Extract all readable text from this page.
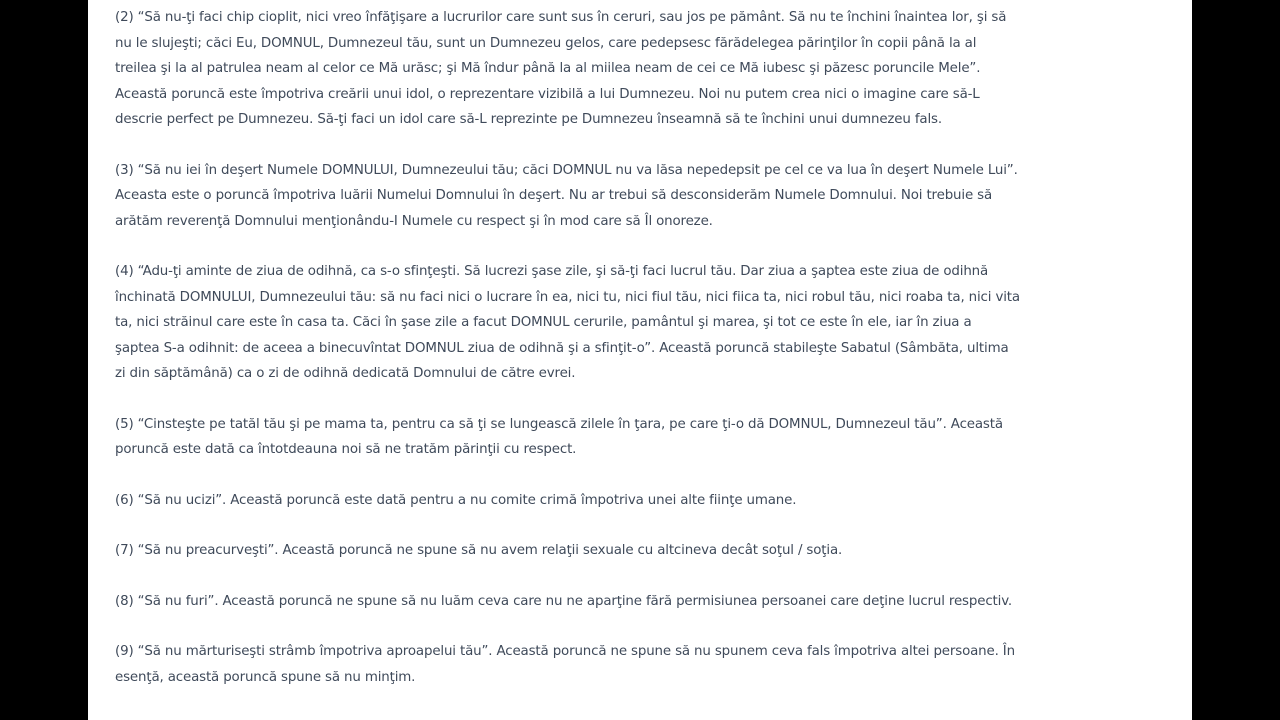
(2) “Să nu-ţi faci chip cioplit, nici vreo înfăţişare a lucrurilor care sunt sus în ceruri, sau jos pe pământ. Să nu te închini înaintea lor, şi să nu le slujeşti; căci Eu, DOMNUL, Dumnezeul tău, sunt un Dumnezeu gelos, care pedepsesc fărădelegea părinţilor în copii până la al treilea şi la al patrulea neam al celor ce Mă urăsc; şi Mă îndur până la al miilea neam de cei ce Mă iubesc şi păzesc poruncile Mele”. Această poruncă este împotriva creării unui idol, o reprezentare vizibilă a lui Dumnezeu. Noi nu putem crea nici o imagine care să-L descrie perfect pe Dumnezeu. Să-ţi faci un idol care să-L reprezinte pe Dumnezeu înseamnă să te închini unui dumnezeu fals.

(3) “Să nu iei în deşert Numele DOMNULUI, Dumnezeului tău; căci DOMNUL nu va lăsa nepedepsit pe cel ce va lua în deşert Numele Lui”. Aceasta este o poruncă împotriva luării Numelui Domnului în deşert. Nu ar trebui să desconsiderăm Numele Domnului. Noi trebuie să arătăm reverenţă Domnului menţionându-I Numele cu respect şi în mod care să Îl onoreze.

(4) “Adu-ţi aminte de ziua de odihnă, ca s-o sfinţeşti. Să lucrezi şase zile, şi să-ţi faci lucrul tău. Dar ziua a şaptea este ziua de odihnă închinată DOMNULUI, Dumnezeului tău: să nu faci nici o lucrare în ea, nici tu, nici fiul tău, nici fiica ta, nici robul tău, nici roaba ta, nici vita ta, nici străinul care este în casa ta. Căci în şase zile a facut DOMNUL cerurile, pamântul şi marea, şi tot ce este în ele, iar în ziua a şaptea S-a odihnit: de aceea a binecuvîntat DOMNUL ziua de odihnă şi a sfinţit-o”. Această poruncă stabileşte Sabatul (Sâmbăta, ultima zi din săptămână) ca o zi de odihnă dedicată Domnului de către evrei.

(5) “Cinsteşte pe tatăl tău şi pe mama ta, pentru ca să ţi se lungească zilele în ţara, pe care ţi-o dă DOMNUL, Dumnezeul tău”. Această poruncă este dată ca întotdeauna noi să ne tratăm părinţii cu respect.

(6) “Să nu ucizi”. Această poruncă este dată pentru a nu comite crimă împotriva unei alte fiinţe umane.

(7) “Să nu preacurveşti”. Această poruncă ne spune să nu avem relaţii sexuale cu altcineva decât soţul / soţia.

(8) “Să nu furi”. Această poruncă ne spune să nu luăm ceva care nu ne aparţine fără permisiunea persoanei care deţine lucrul respectiv.

(9) “Să nu mărturiseşti strâmb împotriva aproapelui tău”. Această poruncă ne spune să nu spunem ceva fals împotriva altei persoane. În esenţă, această poruncă spune să nu minţim.
